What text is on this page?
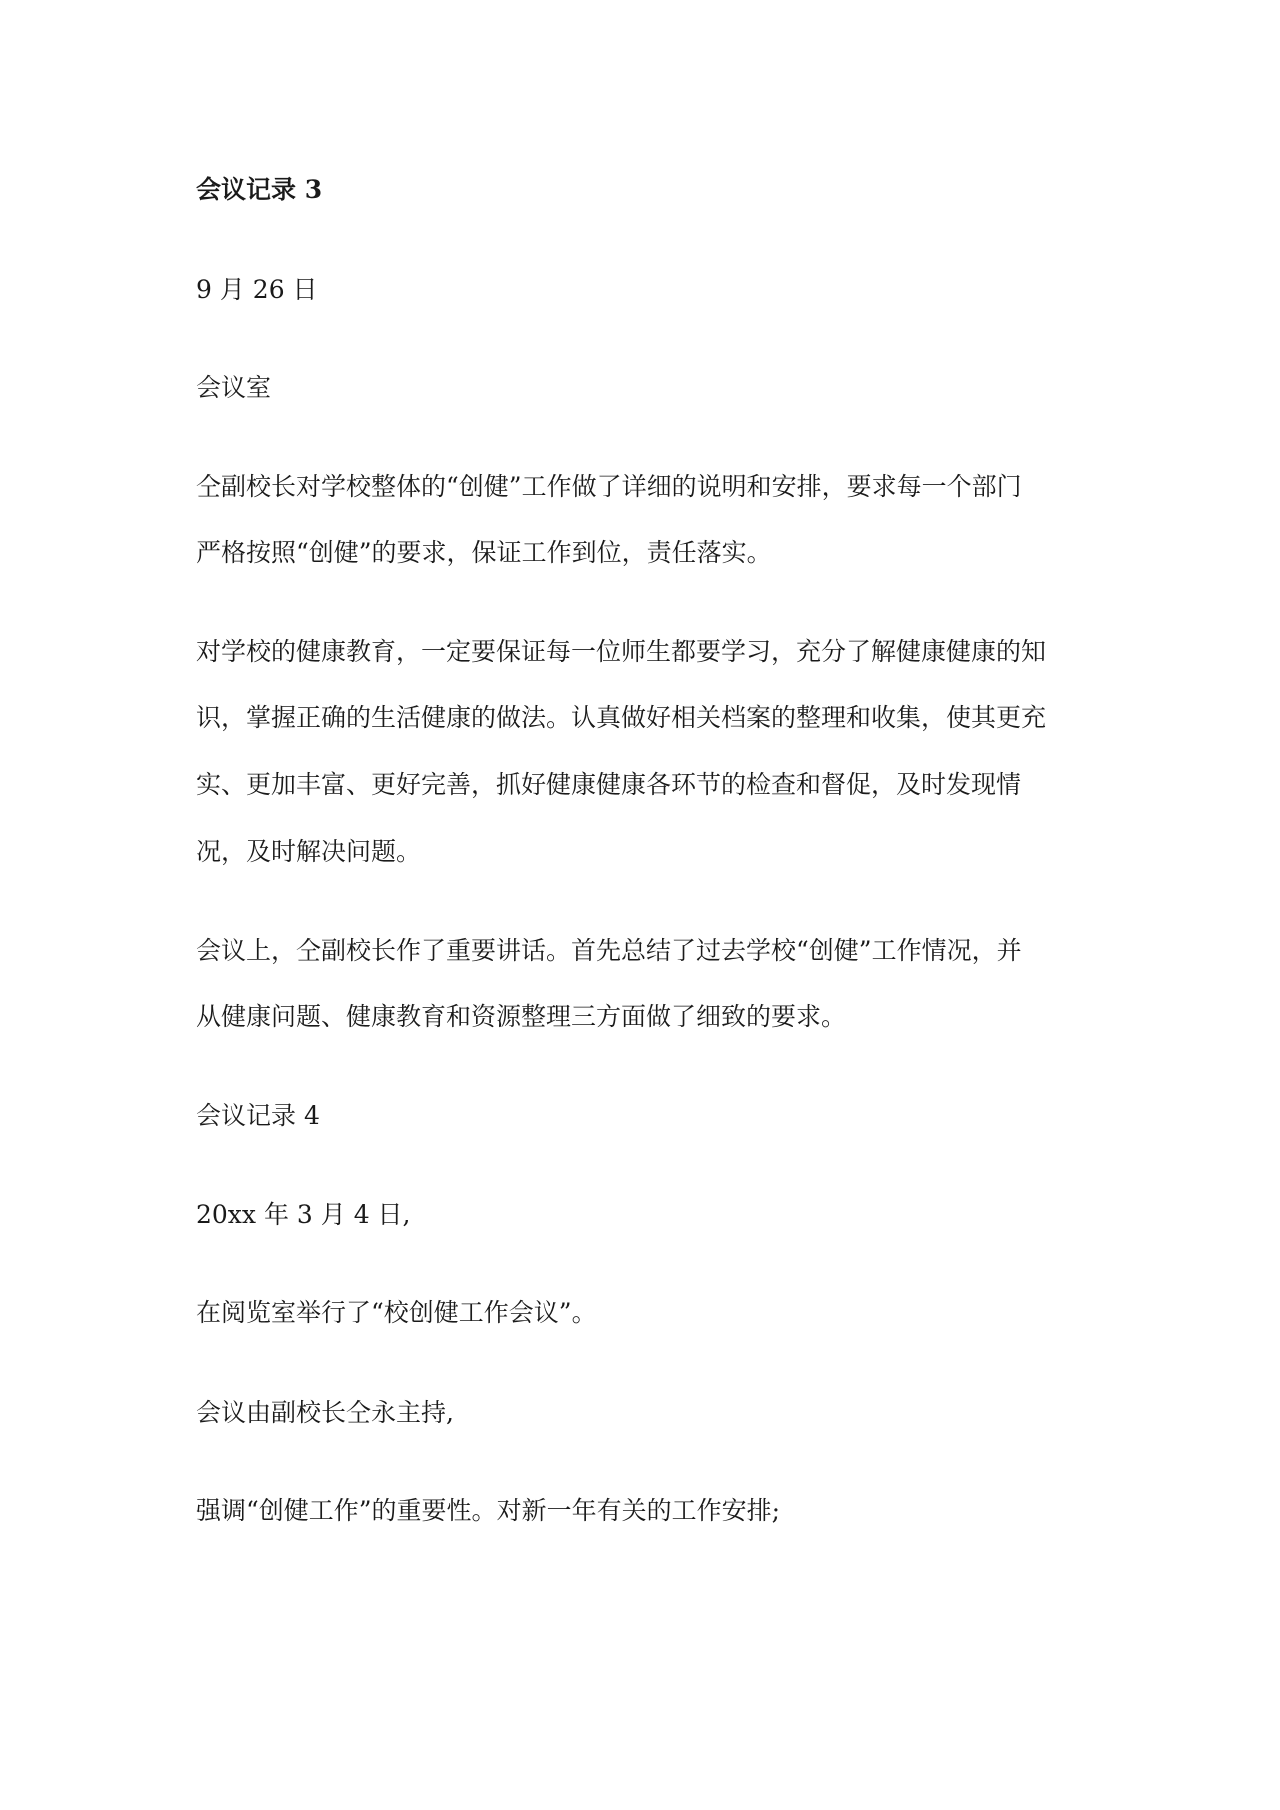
会议记录 3

9 月 26 日

会议室

仝副校长对学校整体的“创健”工作做了详细的说明和安排，要求每一个部门

严格按照“创健”的要求，保证工作到位，责任落实。

对学校的健康教育，一定要保证每一位师生都要学习，充分了解健康健康的知

识，掌握正确的生活健康的做法。认真做好相关档案的整理和收集，使其更充

实、更加丰富、更好完善，抓好健康健康各环节的检查和督促，及时发现情

况，及时解决问题。

会议上，仝副校长作了重要讲话。首先总结了过去学校“创健”工作情况，并

从健康问题、健康教育和资源整理三方面做了细致的要求。

会议记录 4

20xx 年 3 月 4 日,

在阅览室举行了“校创健工作会议”。

会议由副校长仝永主持,

强调“创健工作”的重要性。对新一年有关的工作安排;
